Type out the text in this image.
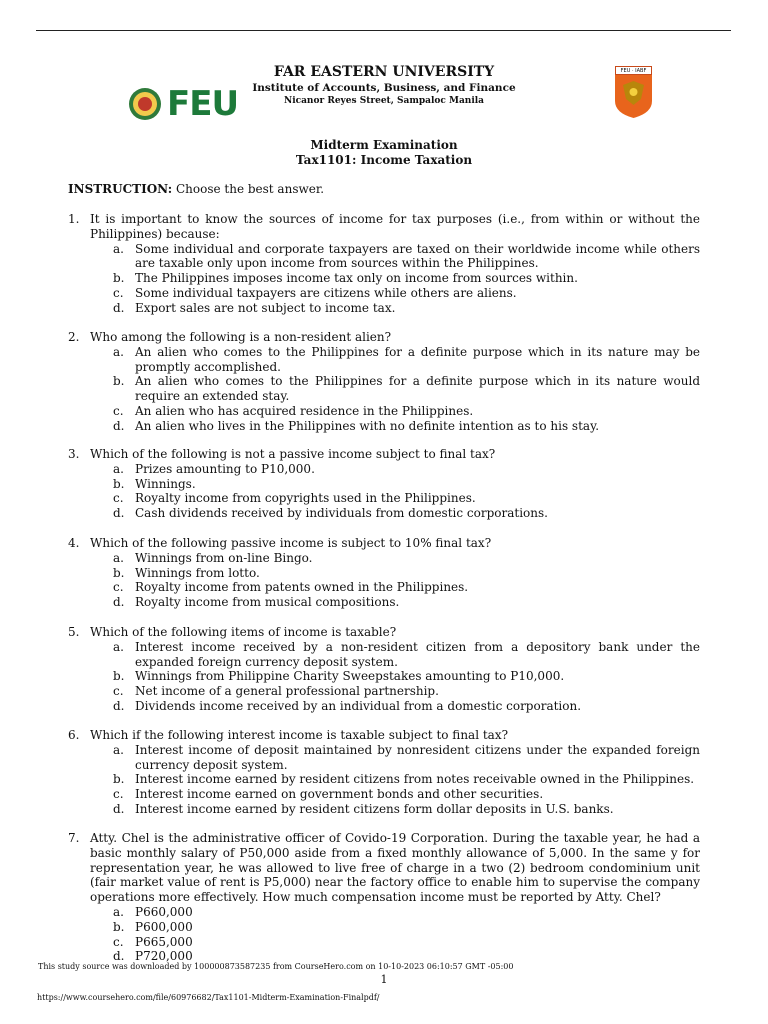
FEU
FAR EASTERN UNIVERSITY
Institute of Accounts, Business, and Finance
Nicanor Reyes Street, Sampaloc Manila
FEU · IABF
Midterm Examination
Tax1101: Income Taxation
INSTRUCTION: Choose the best answer.
1. It is important to know the sources of income for tax purposes (i.e., from within or without the Philippines) because:
a. Some individual and corporate taxpayers are taxed on their worldwide income while others are taxable only upon income from sources within the Philippines.
b. The Philippines imposes income tax only on income from sources within.
c. Some individual taxpayers are citizens while others are aliens.
d. Export sales are not subject to income tax.
2. Who among the following is a non-resident alien?
a. An alien who comes to the Philippines for a definite purpose which in its nature may be promptly accomplished.
b. An alien who comes to the Philippines for a definite purpose which in its nature would require an extended stay.
c. An alien who has acquired residence in the Philippines.
d. An alien who lives in the Philippines with no definite intention as to his stay.
3. Which of the following is not a passive income subject to final tax?
a. Prizes amounting to P10,000.
b. Winnings.
c. Royalty income from copyrights used in the Philippines.
d. Cash dividends received by individuals from domestic corporations.
4. Which of the following passive income is subject to 10% final tax?
a. Winnings from on-line Bingo.
b. Winnings from lotto.
c. Royalty income from patents owned in the Philippines.
d. Royalty income from musical compositions.
5. Which of the following items of income is taxable?
a. Interest income received by a non-resident citizen from a depository bank under the expanded foreign currency deposit system.
b. Winnings from Philippine Charity Sweepstakes amounting to P10,000.
c. Net income of a general professional partnership.
d. Dividends income received by an individual from a domestic corporation.
6. Which if the following interest income is taxable subject to final tax?
a. Interest income of deposit maintained by nonresident citizens under the expanded foreign currency deposit system.
b. Interest income earned by resident citizens from notes receivable owned in the Philippines.
c. Interest income earned on government bonds and other securities.
d. Interest income earned by resident citizens form dollar deposits in U.S. banks.
7. Atty. Chel is the administrative officer of Covido-19 Corporation. During the taxable year, he had a basic monthly salary of P50,000 aside from a fixed monthly allowance of 5,000. In the same y for representation year, he was allowed to live free of charge in a two (2) bedroom condominium unit (fair market value of rent is P5,000) near the factory office to enable him to supervise the company operations more effectively. How much compensation income must be reported by Atty. Chel?
a. P660,000
b. P600,000
c. P665,000
d. P720,000
This study source was downloaded by 100000873587235 from CourseHero.com on 10-10-2023 06:10:57 GMT -05:00
1
https://www.coursehero.com/file/60976682/Tax1101-Midterm-Examination-Finalpdf/
